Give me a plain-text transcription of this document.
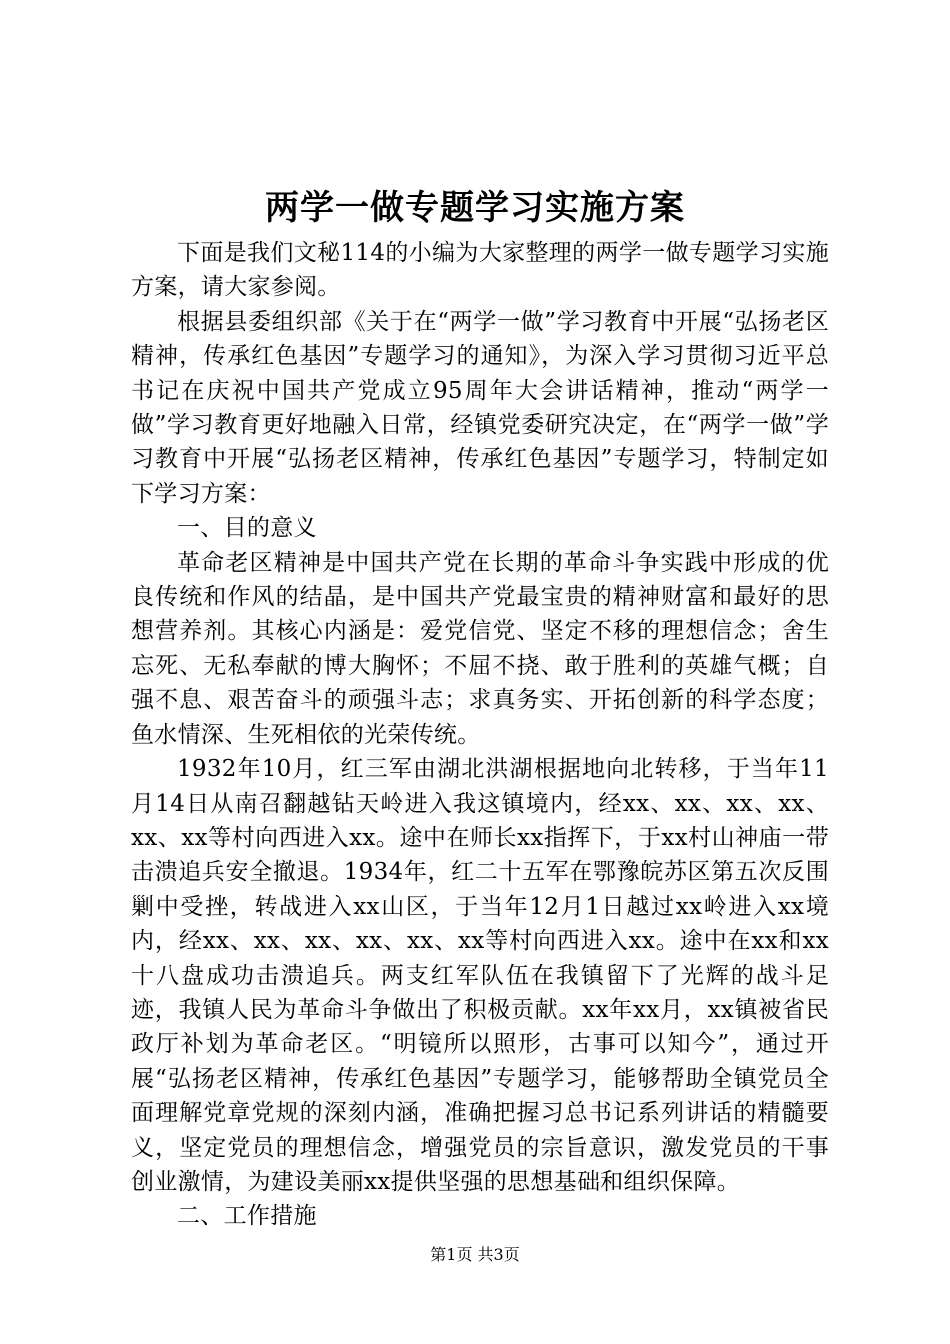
两学一做专题学习实施方案

下面是我们文秘114的小编为大家整理的两学一做专题学习实施方案，请大家参阅。

根据县委组织部《关于在“两学一做”学习教育中开展“弘扬老区精神，传承红色基因”专题学习的通知》，为深入学习贯彻习近平总书记在庆祝中国共产党成立95周年大会讲话精神，推动“两学一做”学习教育更好地融入日常，经镇党委研究决定，在“两学一做”学习教育中开展“弘扬老区精神，传承红色基因”专题学习，特制定如下学习方案：

一、目的意义

革命老区精神是中国共产党在长期的革命斗争实践中形成的优良传统和作风的结晶，是中国共产党最宝贵的精神财富和最好的思想营养剂。其核心内涵是：爱党信党、坚定不移的理想信念；舍生忘死、无私奉献的博大胸怀；不屈不挠、敢于胜利的英雄气概；自强不息、艰苦奋斗的顽强斗志；求真务实、开拓创新的科学态度；鱼水情深、生死相依的光荣传统。

1932年10月，红三军由湖北洪湖根据地向北转移，于当年11月14日从南召翻越钻天岭进入我这镇境内，经xx、xx、xx、xx、xx、xx等村向西进入xx。途中在师长xx指挥下，于xx村山神庙一带击溃追兵安全撤退。1934年，红二十五军在鄂豫皖苏区第五次反围剿中受挫，转战进入xx山区，于当年12月1日越过xx岭进入xx境内，经xx、xx、xx、xx、xx、xx等村向西进入xx。途中在xx和xx十八盘成功击溃追兵。两支红军队伍在我镇留下了光辉的战斗足迹，我镇人民为革命斗争做出了积极贡献。xx年xx月，xx镇被省民政厅补划为革命老区。“明镜所以照形，古事可以知今”，通过开展“弘扬老区精神，传承红色基因”专题学习，能够帮助全镇党员全面理解党章党规的深刻内涵，准确把握习总书记系列讲话的精髓要义，坚定党员的理想信念，增强党员的宗旨意识，激发党员的干事创业激情，为建设美丽xx提供坚强的思想基础和组织保障。

二、工作措施

第1页 共3页
